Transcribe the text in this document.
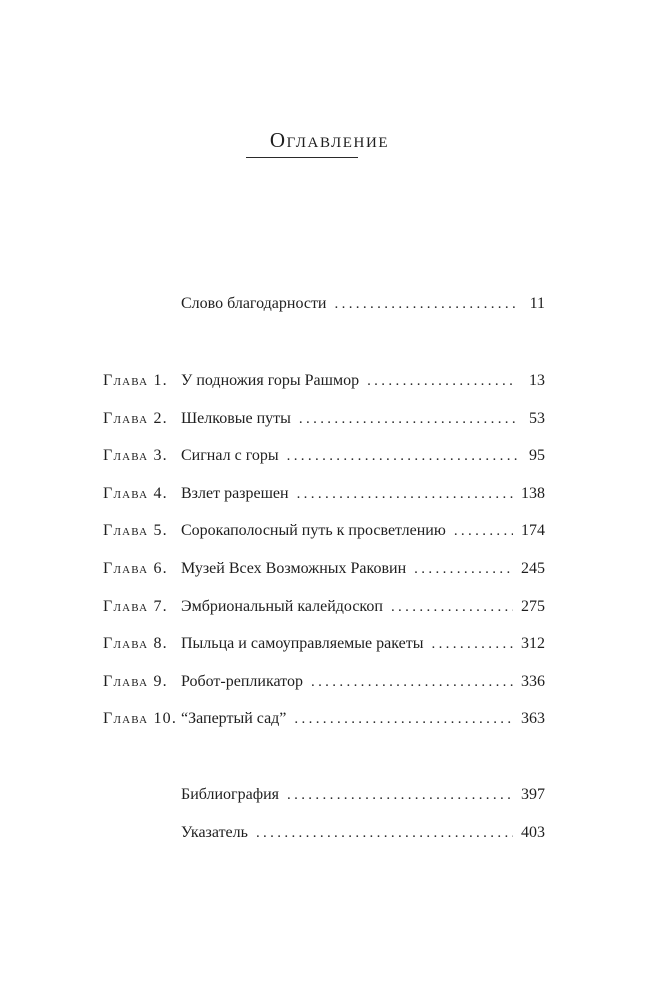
Оглавление
Слово благодарности . . .	11
Глава 1. У подножия горы Рашмор . . .	13
Глава 2. Шелковые путы . . .	53
Глава 3. Сигнал с горы . . .	95
Глава 4. Взлет разрешен . . .	138
Глава 5. Сорокаполосный путь к просветлению . . .	174
Глава 6. Музей Всех Возможных Раковин . . .	245
Глава 7. Эмбриональный калейдоскоп . . .	275
Глава 8. Пыльца и самоуправляемые ракеты . . .	312
Глава 9. Робот-репликатор . . .	336
Глава 10. “Запертый сад” . . .	363
Библиография . . .	397
Указатель . . .	403
